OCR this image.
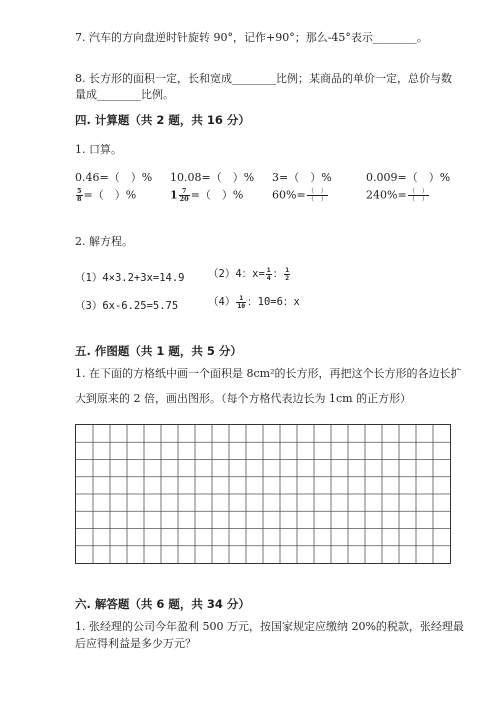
7. 汽车的方向盘逆时针旋转 90°，记作+90°；那么-45°表示________。
8. 长方形的面积一定，长和宽成________比例；某商品的单价一定，总价与数
量成________比例。
四. 计算题（共 2 题，共 16 分）
1. 口算。
0.46=（　）% 10.08=（　）% 3=（　）%	0.009=（　）%
$\frac{5}{8}$ =（　）%	$1 \frac{7}{20}$ =（　）%	$60\%= \frac{( )}{( )}$	$240\%= \frac{( )}{( )}$
2. 解方程。
（1）4×3.2+3x=14.9 （2）4：$x= \frac{1}{4}$ ： $\frac{1}{2}$
（3）6x-6.25=5.75	$(4) \frac{1}{10}$ ：10=6：x
五. 作图题（共 1 题，共 5 分）
1. 在下面的方格纸中画一个面积是 8cm²的长方形，再把这个长方形的各边长扩
大到原来的 2 倍，画出图形。（每个方格代表边长为 1cm 的正方形）
六. 解答题（共 6 题，共 34 分）
1. 张经理的公司今年盈利 500 万元，按国家规定应缴纳 20%的税款，张经理最
后应得利益是多少万元？
